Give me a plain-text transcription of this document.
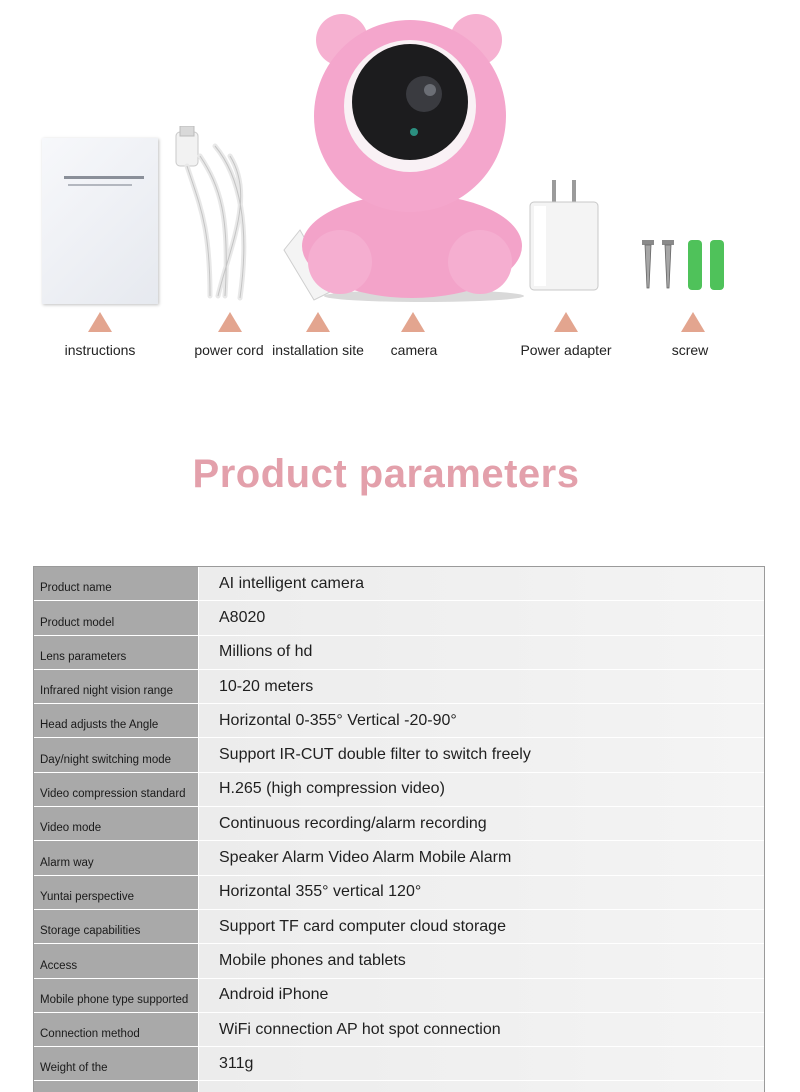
instructions	power cord installation site	camera	Power adapter	screw
Product parameters
Product name	AI intelligent camera
Product model	A8020
Lens parameters	Millions of hd
Infrared night vision range	10-20 meters
Head adjusts the Angle	Horizontal 0-355° Vertical -20-90°
Day/night switching mode	Support IR-CUT double filter to switch freely
Video compression standard	H.265 (high compression video)
Video mode	Continuous recording/alarm recording
Alarm way	Speaker Alarm Video Alarm Mobile Alarm
Yuntai perspective	Horizontal 355° vertical 120°
Storage capabilities	Support TF card computer cloud storage
Access	Mobile phones and tablets
Mobile phone type supported	Android iPhone
Connection method	WiFi connection AP hot spot connection
Weight of the	311g
